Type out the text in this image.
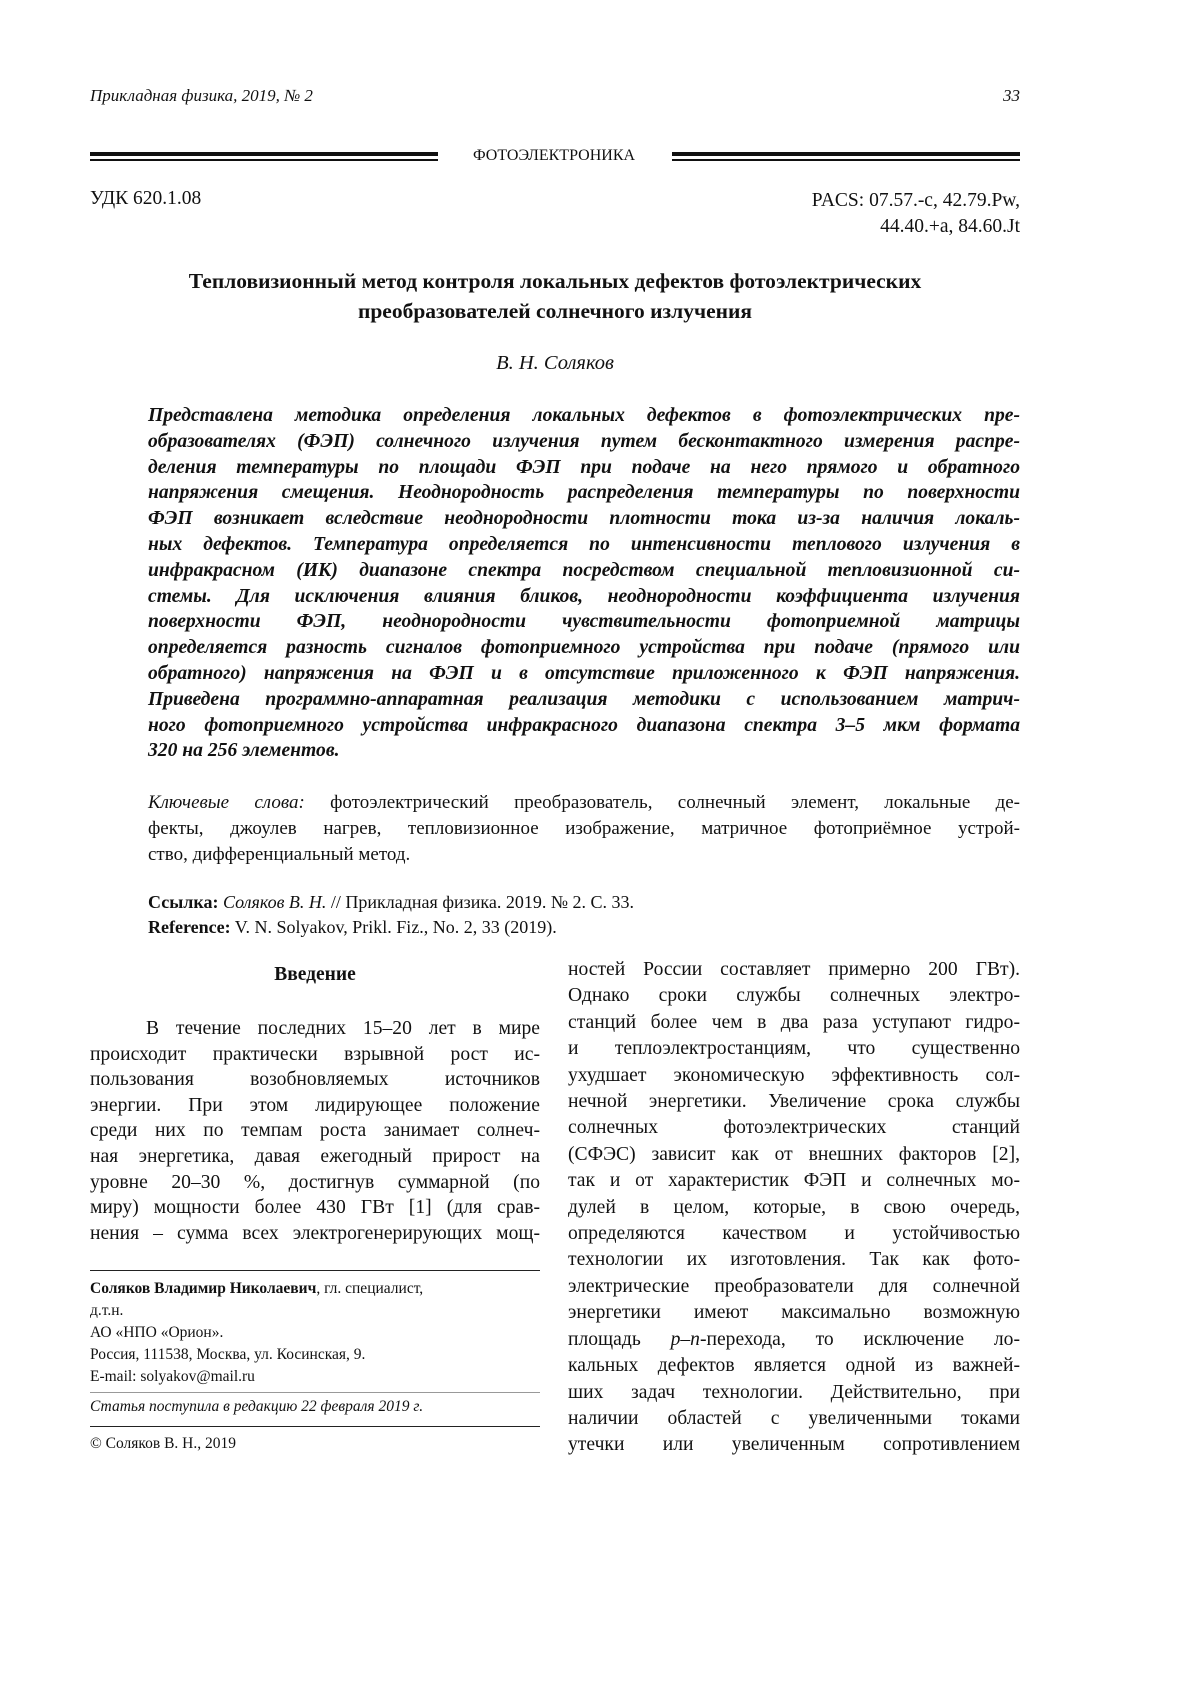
Прикладная физика, 2019, № 2	33
ФОТОЭЛЕКТРОНИКА
УДК 620.1.08	PACS: 07.57.-c, 42.79.Pw,
44.40.+a, 84.60.Jt
Тепловизионный метод контроля локальных дефектов фотоэлектрических
преобразователей солнечного излучения
В. Н. Соляков
Представлена методика определения локальных дефектов в фотоэлектрических пре-
образователях (ФЭП) солнечного излучения путем бесконтактного измерения распре-
деления температуры по площади ФЭП при подаче на него прямого и обратного
напряжения смещения. Неоднородность распределения температуры по поверхности
ФЭП возникает вследствие неоднородности плотности тока из-за наличия локаль-
ных дефектов. Температура определяется по интенсивности теплового излучения в
инфракрасном (ИК) диапазоне спектра посредством специальной тепловизионной си-
стемы. Для исключения влияния бликов, неоднородности коэффициента излучения
поверхности ФЭП, неоднородности чувствительности фотоприемной матрицы
определяется разность сигналов фотоприемного устройства при подаче (прямого или
обратного) напряжения на ФЭП и в отсутствие приложенного к ФЭП напряжения.
Приведена программно-аппаратная реализация методики с использованием матрич-
ного фотоприемного устройства инфракрасного диапазона спектра 3–5 мкм формата
320 на 256 элементов.
Ключевые слова: фотоэлектрический преобразователь, солнечный элемент, локальные де-
фекты, джоулев нагрев, тепловизионное изображение, матричное фотоприёмное устрой-
ство, дифференциальный метод.
Ссылка: Соляков В. Н. // Прикладная физика. 2019. № 2. С. 33.
Reference: V. N. Solyakov, Prikl. Fiz., No. 2, 33 (2019).
Введение
В течение последних 15–20 лет в мире
происходит практически взрывной рост ис-
пользования возобновляемых источников
энергии. При этом лидирующее положение
среди них по темпам роста занимает солнеч-
ная энергетика, давая ежегодный прирост на
уровне 20–30 %, достигнув суммарной (по
миру) мощности более 430 ГВт [1] (для срав-
нения – сумма всех электрогенерирующих мощ-
ностей России составляет примерно 200 ГВт).
Однако сроки службы солнечных электро-
станций более чем в два раза уступают гидро-
и теплоэлектростанциям, что существенно
ухудшает экономическую эффективность сол-
нечной энергетики. Увеличение срока службы
солнечных фотоэлектрических станций
(СФЭС) зависит как от внешних факторов [2],
так и от характеристик ФЭП и солнечных мо-
дулей в целом, которые, в свою очередь,
определяются качеством и устойчивостью
технологии их изготовления. Так как фото-
электрические преобразователи для солнечной
энергетики имеют максимально возможную
площадь p–n-перехода, то исключение ло-
кальных дефектов является одной из важней-
ших задач технологии. Действительно, при
наличии областей с увеличенными токами
утечки или увеличенным сопротивлением
Соляков Владимир Николаевич, гл. специалист,
д.т.н.
АО «НПО «Орион».
Россия, 111538, Москва, ул. Косинская, 9.
E-mail: solyakov@mail.ru
Статья поступила в редакцию 22 февраля 2019 г.
© Соляков В. Н., 2019
